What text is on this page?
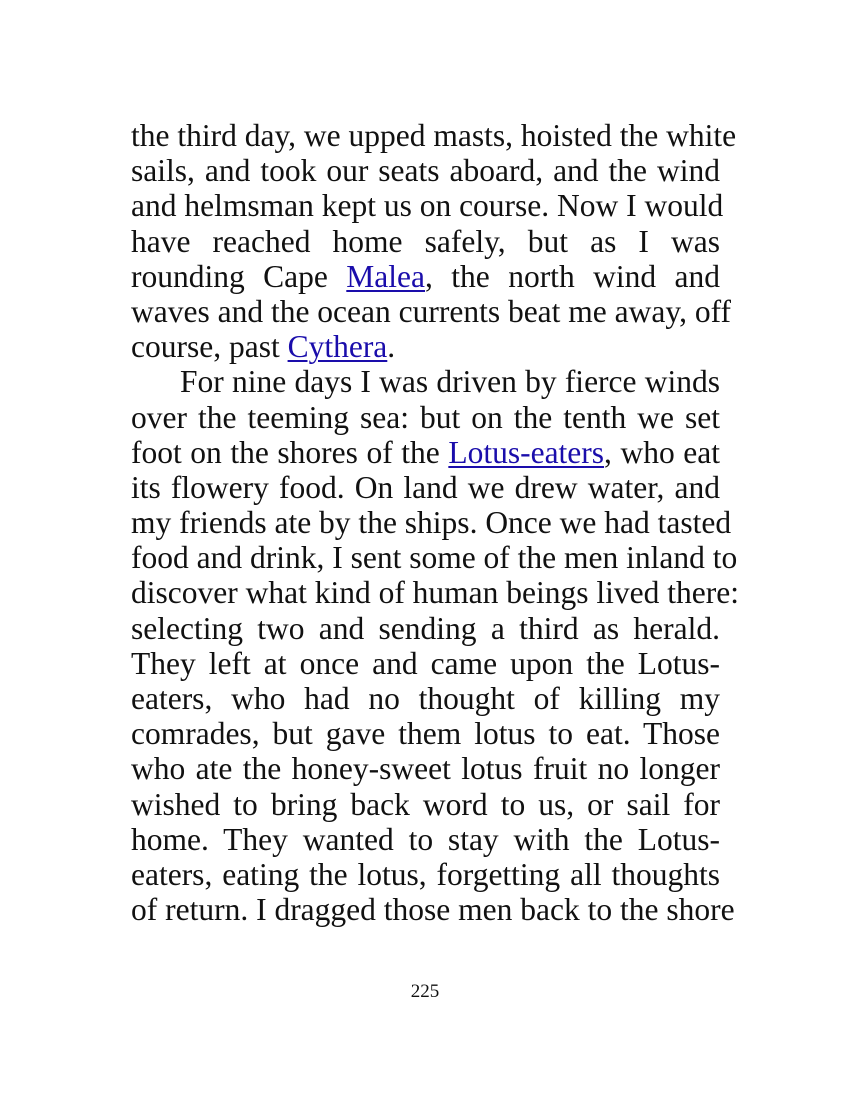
the third day, we upped masts, hoisted the white
sails, and took our seats aboard, and the wind
and helmsman kept us on course. Now I would
have reached home safely, but as I was
rounding Cape Malea, the north wind and
waves and the ocean currents beat me away, off
course, past Cythera.
For nine days I was driven by fierce winds
over the teeming sea: but on the tenth we set
foot on the shores of the Lotus-eaters, who eat
its flowery food. On land we drew water, and
my friends ate by the ships. Once we had tasted
food and drink, I sent some of the men inland to
discover what kind of human beings lived there:
selecting two and sending a third as herald.
They left at once and came upon the Lotus-
eaters, who had no thought of killing my
comrades, but gave them lotus to eat. Those
who ate the honey-sweet lotus fruit no longer
wished to bring back word to us, or sail for
home. They wanted to stay with the Lotus-
eaters, eating the lotus, forgetting all thoughts
of return. I dragged those men back to the shore
225
